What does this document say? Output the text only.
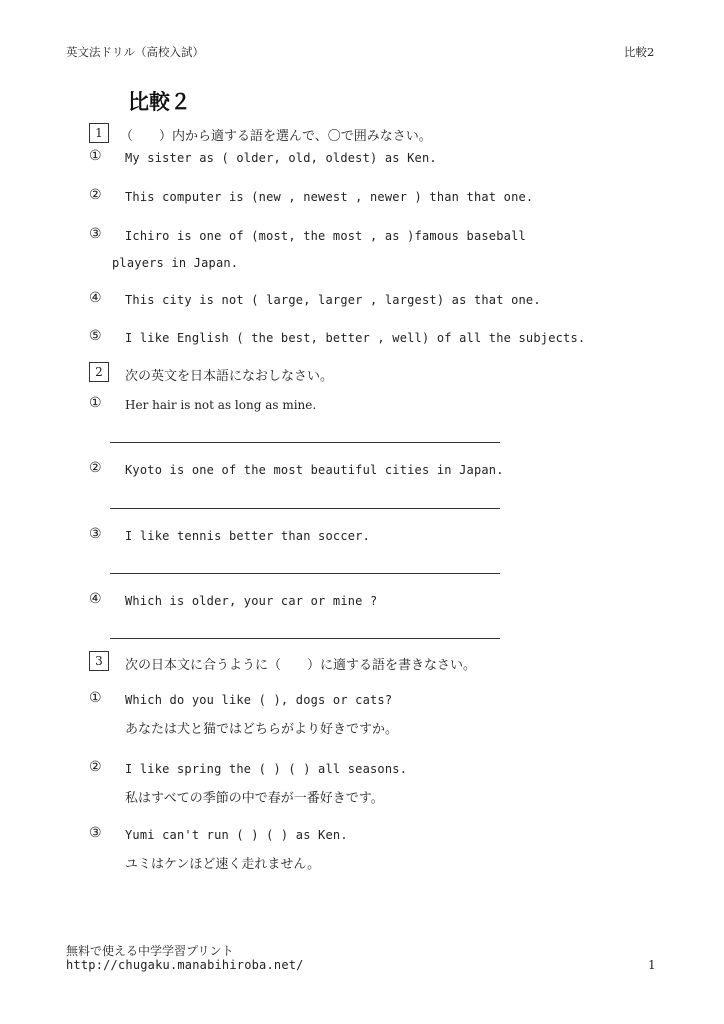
英文法ドリル（高校入試）	比較2
比較２
1	（　　）内から適する語を選んで、〇で囲みなさい。
① My sister as ( older, old, oldest) as Ken.
② This computer is (new , newest , newer ) than that one.
③ Ichiro is one of (most, the most , as )famous baseball
players in Japan.
④ This city is not ( large, larger , largest) as that one.
⑤ I like English ( the best, better , well) of all the subjects.
2	次の英文を日本語になおしなさい。
① Her hair is not as long as mine.
② Kyoto is one of the most beautiful cities in Japan.
③ I like tennis better than soccer.
④ Which is older, your car or mine ?
3	次の日本文に合うように（　　）に適する語を書きなさい。
① Which do you like ( ), dogs or cats?
あなたは犬と猫ではどちらがより好きですか。
② I like spring the ( ) ( ) all seasons.
私はすべての季節の中で春が一番好きです。
③ Yumi can't run ( ) ( ) as Ken.
ユミはケンほど速く走れません。
無料で使える中学学習プリント
http://chugaku.manabihiroba.net/	1
